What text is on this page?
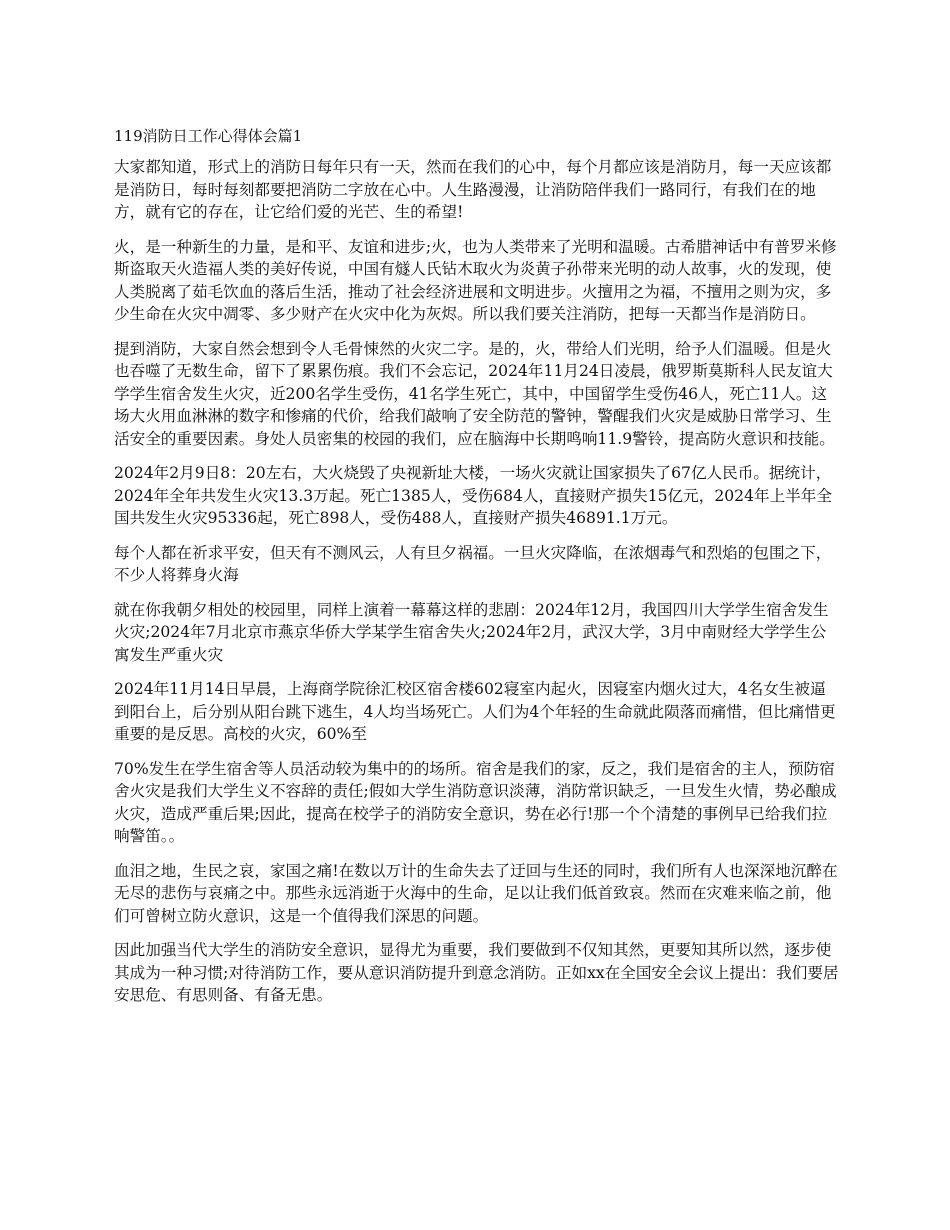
119消防日工作心得体会篇1

大家都知道，形式上的消防日每年只有一天，然而在我们的心中，每个月都应该是消防月，每一天应该都是消防日，每时每刻都要把消防二字放在心中。人生路漫漫，让消防陪伴我们一路同行，有我们在的地方，就有它的存在，让它给们爱的光芒、生的希望!

火，是一种新生的力量，是和平、友谊和进步;火，也为人类带来了光明和温暖。古希腊神话中有普罗米修斯盗取天火造福人类的美好传说，中国有燧人氏钻木取火为炎黄子孙带来光明的动人故事，火的发现，使人类脱离了茹毛饮血的落后生活，推动了社会经济进展和文明进步。火擅用之为福，不擅用之则为灾，多少生命在火灾中凋零、多少财产在火灾中化为灰烬。所以我们要关注消防，把每一天都当作是消防日。

提到消防，大家自然会想到令人毛骨悚然的火灾二字。是的，火，带给人们光明，给予人们温暖。但是火也吞噬了无数生命，留下了累累伤痕。我们不会忘记，2024年11月24日凌晨，俄罗斯莫斯科人民友谊大学学生宿舍发生火灾，近200名学生受伤，41名学生死亡，其中，中国留学生受伤46人，死亡11人。这场大火用血淋淋的数字和惨痛的代价，给我们敲响了安全防范的警钟，警醒我们火灾是威胁日常学习、生活安全的重要因素。身处人员密集的校园的我们，应在脑海中长期鸣响11.9警铃，提高防火意识和技能。

2024年2月9日8：20左右，大火烧毁了央视新址大楼，一场火灾就让国家损失了67亿人民币。据统计，2024年全年共发生火灾13.3万起。死亡1385人，受伤684人，直接财产损失15亿元，2024年上半年全国共发生火灾95336起，死亡898人，受伤488人，直接财产损失46891.1万元。

每个人都在祈求平安，但天有不测风云，人有旦夕祸福。一旦火灾降临，在浓烟毒气和烈焰的包围之下，不少人将葬身火海

就在你我朝夕相处的校园里，同样上演着一幕幕这样的悲剧：2024年12月，我国四川大学学生宿舍发生火灾;2024年7月北京市燕京华侨大学某学生宿舍失火;2024年2月，武汉大学，3月中南财经大学学生公寓发生严重火灾

2024年11月14日早晨，上海商学院徐汇校区宿舍楼602寝室内起火，因寝室内烟火过大，4名女生被逼到阳台上，后分别从阳台跳下逃生，4人均当场死亡。人们为4个年轻的生命就此陨落而痛惜，但比痛惜更重要的是反思。高校的火灾，60%至

70%发生在学生宿舍等人员活动较为集中的的场所。宿舍是我们的家，反之，我们是宿舍的主人，预防宿舍火灾是我们大学生义不容辞的责任;假如大学生消防意识淡薄，消防常识缺乏，一旦发生火情，势必酿成火灾，造成严重后果;因此，提高在校学子的消防安全意识，势在必行!那一个个清楚的事例早已给我们拉响警笛。。

血泪之地，生民之哀，家国之痛!在数以万计的生命失去了迂回与生还的同时，我们所有人也深深地沉醉在无尽的悲伤与哀痛之中。那些永远消逝于火海中的生命，足以让我们低首致哀。然而在灾难来临之前，他们可曾树立防火意识，这是一个值得我们深思的问题。

因此加强当代大学生的消防安全意识，显得尤为重要，我们要做到不仅知其然，更要知其所以然，逐步使其成为一种习惯;对待消防工作，要从意识消防提升到意念消防。正如xx在全国安全会议上提出：我们要居安思危、有思则备、有备无患。
